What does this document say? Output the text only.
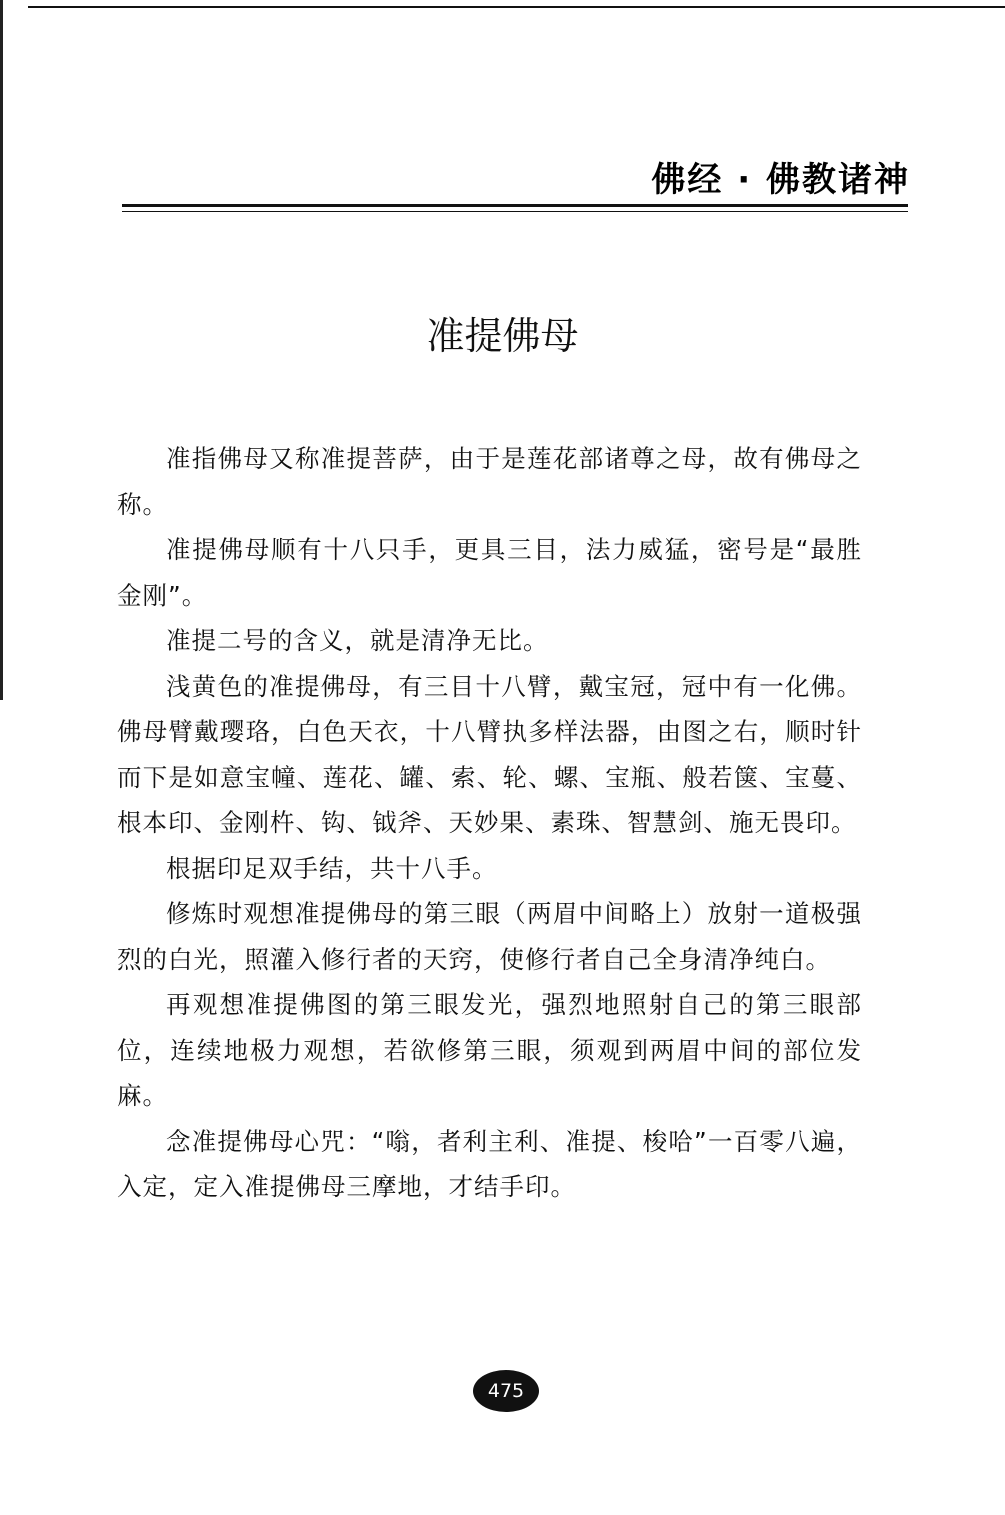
佛经 · 佛教诸神
准提佛母

准指佛母又称准提菩萨，由于是莲花部诸尊之母，故有佛母之称。

准提佛母顺有十八只手，更具三目，法力威猛，密号是“最胜金刚”。

准提二号的含义，就是清净无比。

浅黄色的准提佛母，有三目十八臂，戴宝冠，冠中有一化佛。佛母臂戴璎珞，白色天衣，十八臂执多样法器，由图之右，顺时针而下是如意宝幢、莲花、罐、索、轮、螺、宝瓶、般若箧、宝蔓、根本印、金刚杵、钩、钺斧、天妙果、素珠、智慧剑、施无畏印。

根据印足双手结，共十八手。

修炼时观想准提佛母的第三眼（两眉中间略上）放射一道极强烈的白光，照灌入修行者的天窍，使修行者自己全身清净纯白。

再观想准提佛图的第三眼发光，强烈地照射自己的第三眼部位，连续地极力观想，若欲修第三眼，须观到两眉中间的部位发麻。

念准提佛母心咒：“嗡，者利主利、准提、梭哈”一百零八遍，入定，定入准提佛母三摩地，才结手印。

475
